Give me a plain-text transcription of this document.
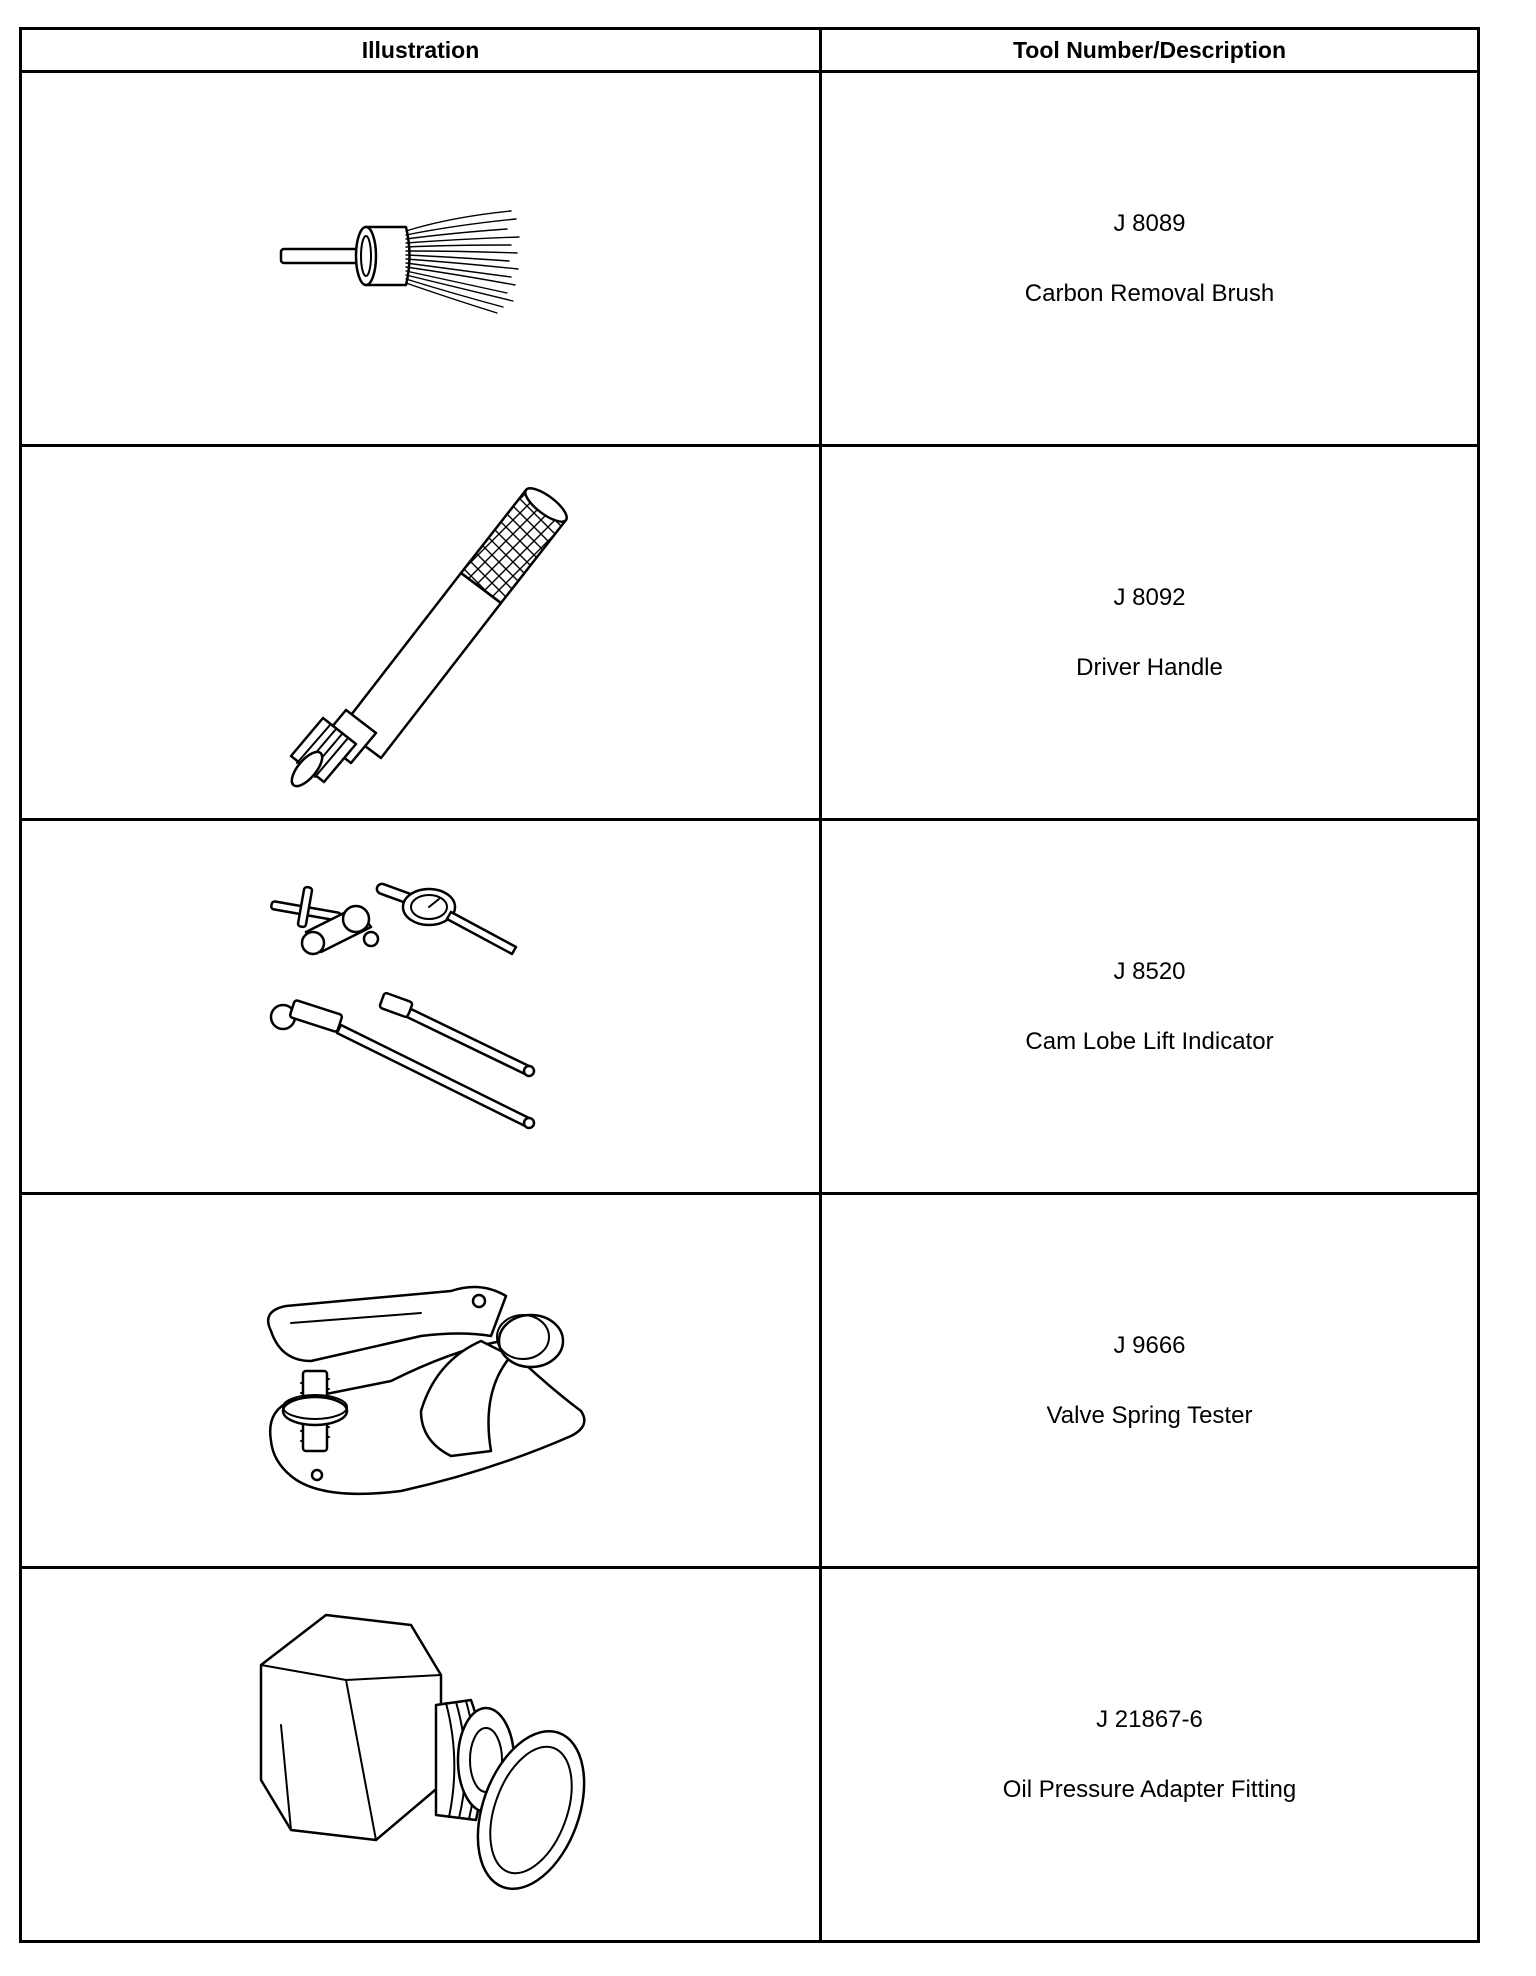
Illustration	Tool Number/Description

J 8089
Carbon Removal Brush

J 8092
Driver Handle

J 8520
Cam Lobe Lift Indicator

J 9666
Valve Spring Tester

J 21867-6
Oil Pressure Adapter Fitting
